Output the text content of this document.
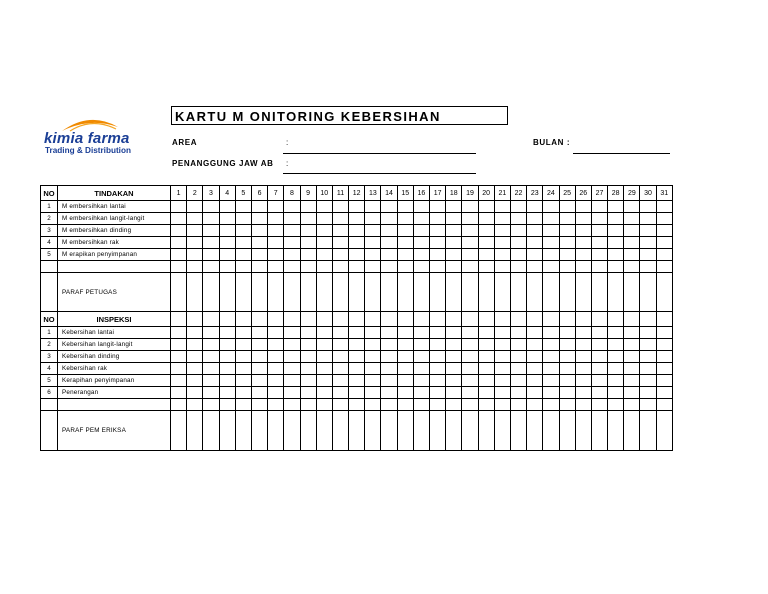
kimia farma
Trading & Distribution
KARTU M ONITORING KEBERSIHAN
AREA	:
PENANGGUNG JAW AB :
BULAN :
NO	TINDAKAN	1	2	3	4	5	6	7	8	9	10	11	12	13	14	15	16	17	18	19	20	21	22	23	24	25	26	27	28	29	30	31
1	M embersihkan lantai																															
2	M embersihkan langit-langit																															
3	M embersihkan dinding																															
4	M embersihkan rak																															
5	M erapikan penyimpanan																															

	PARAF PETUGAS																															
NO	INSPEKSI																															
1	Kebersihan lantai																															
2	Kebersihan langit-langit																															
3	Kebersihan dinding																															
4	Kebersihan rak																															
5	Kerapihan penyimpanan																															
6	Penerangan																															

	PARAF PEM ERIKSA																															
